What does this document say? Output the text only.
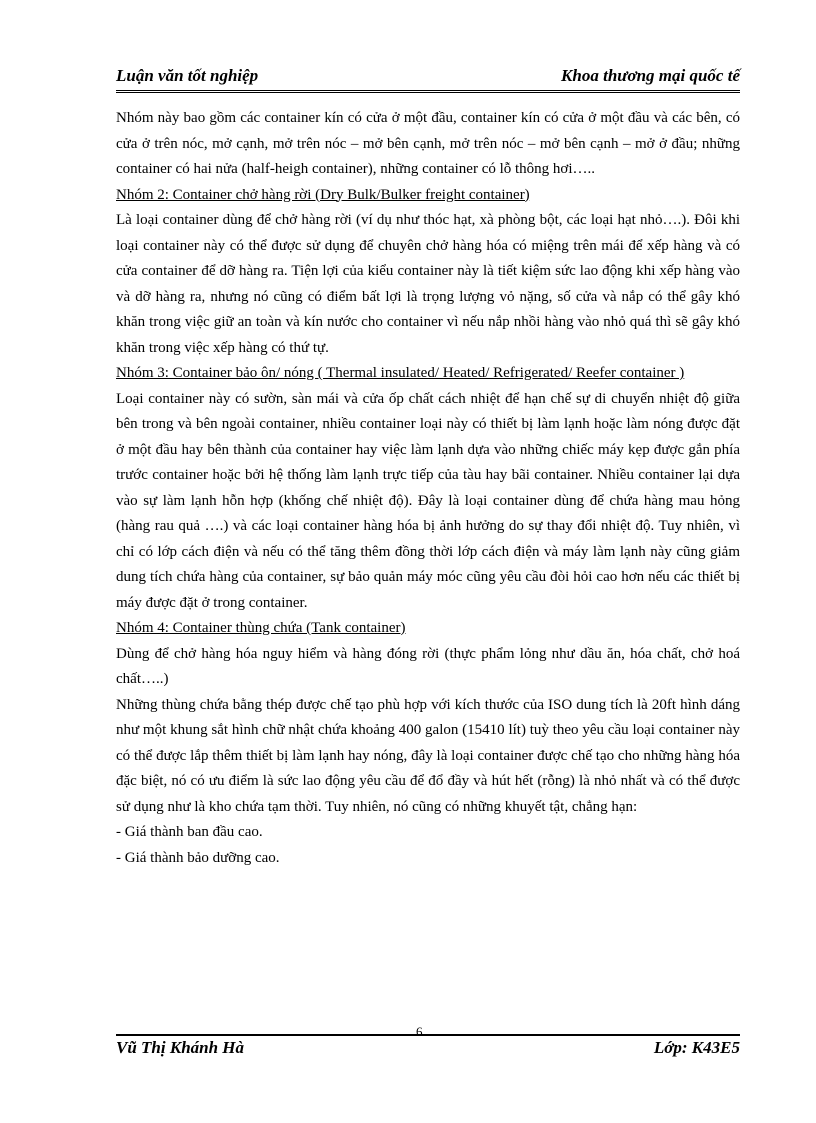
Luận văn tốt nghiệp	Khoa thương mại quốc tế

Nhóm này bao gồm các container kín có cửa ở một đầu, container kín có cửa ở một đầu và các bên, có cửa ở trên nóc, mở cạnh, mở trên nóc – mở bên cạnh, mở trên nóc – mở bên cạnh – mở ở đầu; những container có hai nửa (half-heigh container), những container có lỗ thông hơi…..

Nhóm 2: Container chở hàng rời (Dry Bulk/Bulker freight container)

Là loại container dùng để chở hàng rời (ví dụ như thóc hạt, xà phòng bột, các loại hạt nhỏ….). Đôi khi loại container này có thể được sử dụng để chuyên chở hàng hóa có miệng trên mái để xếp hàng và có cửa container để dỡ hàng ra. Tiện lợi của kiểu container này là tiết kiệm sức lao động khi xếp hàng vào và dỡ hàng ra, nhưng nó cũng có điểm bất lợi là trọng lượng vỏ nặng, số cửa và nắp có thể gây khó khăn trong việc giữ an toàn và kín nước cho container vì nếu nắp nhồi hàng vào nhỏ quá thì sẽ gây khó khăn trong việc xếp hàng có thứ tự.

Nhóm 3: Container bảo ôn/ nóng ( Thermal insulated/ Heated/ Refrigerated/ Reefer container )

Loại container này có sườn, sàn mái và cửa ốp chất cách nhiệt để hạn chế sự di chuyển nhiệt độ giữa bên trong và bên ngoài container, nhiều container loại này có thiết bị làm lạnh hoặc làm nóng được đặt ở một đầu hay bên thành của container hay việc làm lạnh dựa vào những chiếc máy kẹp được gắn phía trước container hoặc bởi hệ thống làm lạnh trực tiếp của tàu hay bãi container. Nhiều container lại dựa vào sự làm lạnh hỗn hợp (khống chế nhiệt độ). Đây là loại container dùng để chứa hàng mau hỏng (hàng rau quả ….) và các loại container hàng hóa bị ảnh hưởng do sự thay đổi nhiệt độ. Tuy nhiên, vì chỉ có lớp cách điện và nếu có thể tăng thêm đồng thời lớp cách điện và máy làm lạnh này cũng giảm dung tích chứa hàng của container, sự bảo quản máy móc cũng yêu cầu đòi hỏi cao hơn nếu các thiết bị máy được đặt ở trong container.

Nhóm 4: Container thùng chứa (Tank container)

Dùng để chở hàng hóa nguy hiểm và hàng đóng rời (thực phẩm lỏng như dầu ăn, hóa chất, chở hoá chất…..)

Những thùng chứa bằng thép được chế tạo phù hợp với kích thước của ISO dung tích là 20ft hình dáng như một khung sắt hình chữ nhật chứa khoảng 400 galon (15410 lít) tuỳ theo yêu cầu loại container này có thể được lắp thêm thiết bị làm lạnh hay nóng, đây là loại container được chế tạo cho những hàng hóa đặc biệt, nó có ưu điểm là sức lao động yêu cầu để đổ đầy và hút hết (rỗng) là nhỏ nhất và có thể được sử dụng như là kho chứa tạm thời. Tuy nhiên, nó cũng có những khuyết tật, chẳng hạn:

- Giá thành ban đầu cao.

- Giá thành bảo dưỡng cao.

6
Vũ Thị Khánh Hà	Lớp: K43E5
